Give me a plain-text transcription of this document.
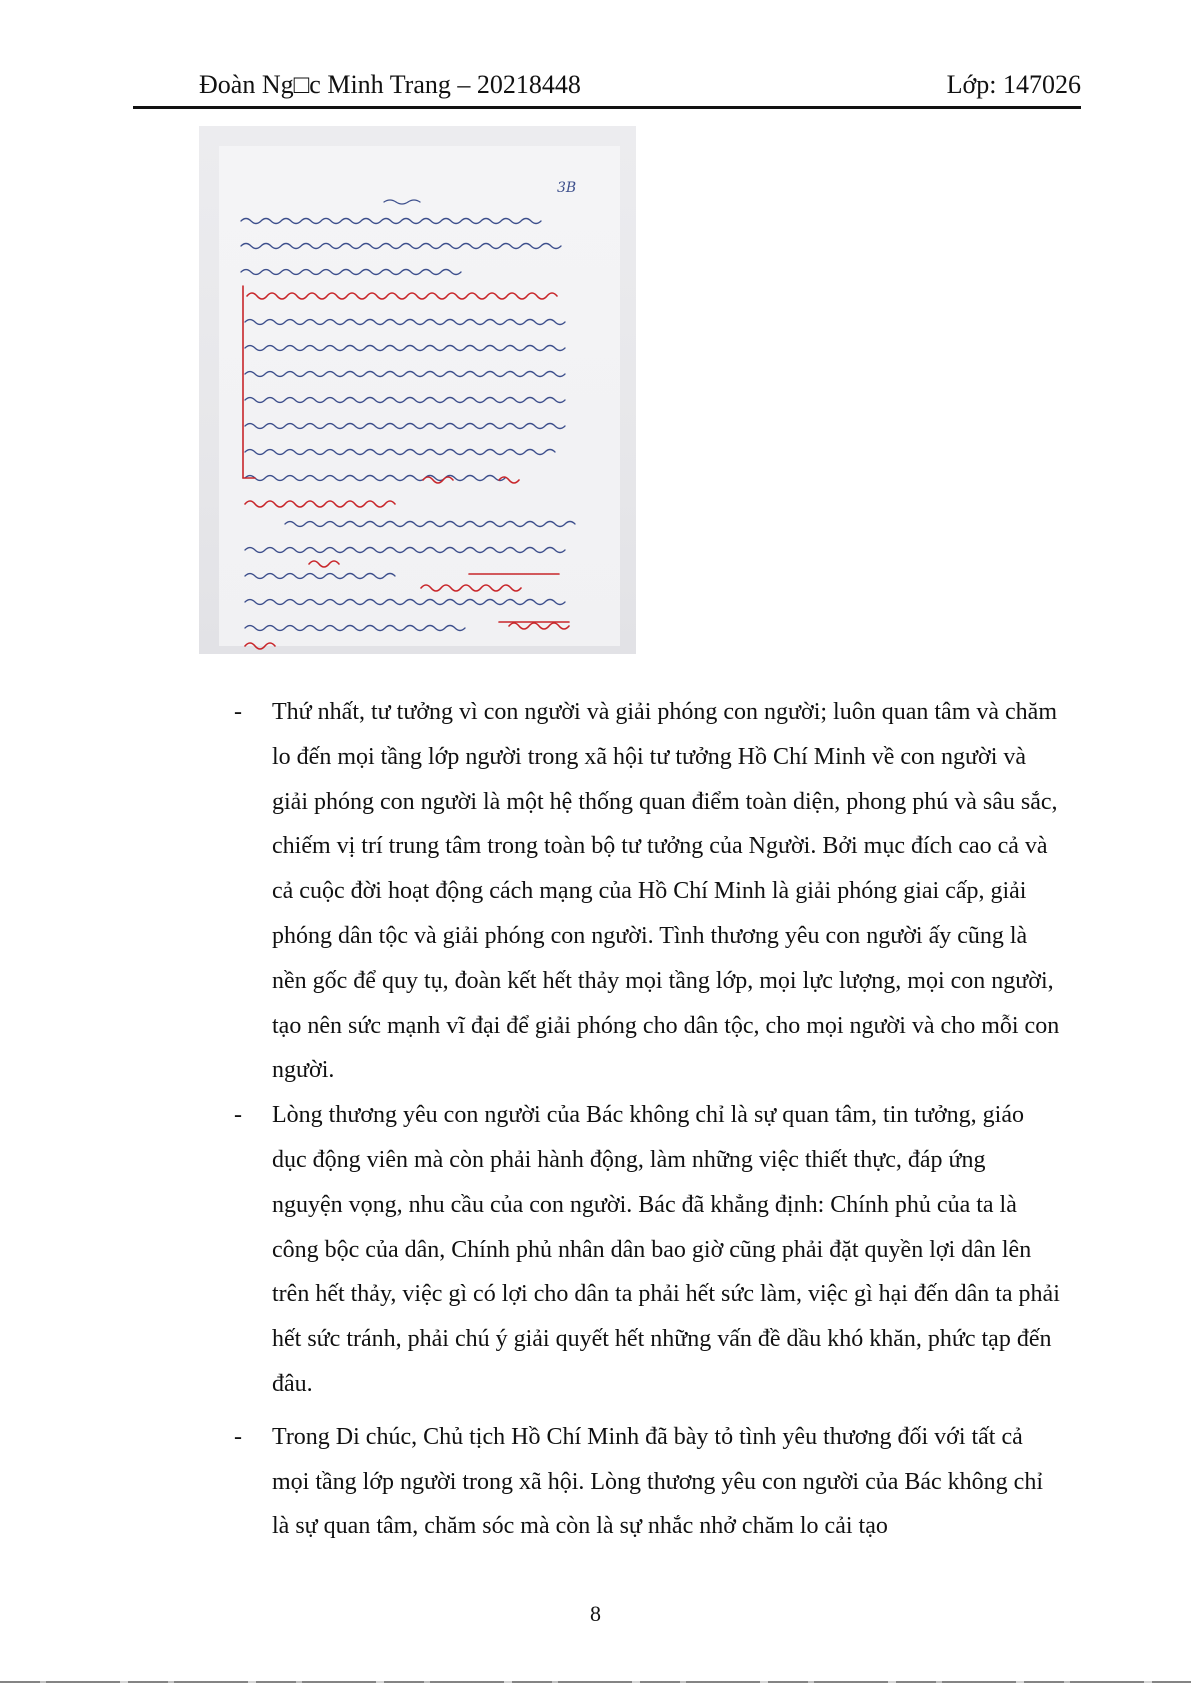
Đoàn Ng□c Minh Trang – 20218448	Lớp: 147026
3B
- Thứ nhất, tư tưởng vì con người và giải phóng con người; luôn quan tâm và chăm lo đến mọi tầng lớp người trong xã hội tư tưởng Hồ Chí Minh về con người và giải phóng con người là một hệ thống quan điểm toàn diện, phong phú và sâu sắc, chiếm vị trí trung tâm trong toàn bộ tư tưởng của Người. Bởi mục đích cao cả và cả cuộc đời hoạt động cách mạng của Hồ Chí Minh là giải phóng giai cấp, giải phóng dân tộc và giải phóng con người. Tình thương yêu con người ấy cũng là nền gốc để quy tụ, đoàn kết hết thảy mọi tầng lớp, mọi lực lượng, mọi con người, tạo nên sức mạnh vĩ đại để giải phóng cho dân tộc, cho mọi người và cho mỗi con người.
- Lòng thương yêu con người của Bác không chỉ là sự quan tâm, tin tưởng, giáo dục động viên mà còn phải hành động, làm những việc thiết thực, đáp ứng nguyện vọng, nhu cầu của con người. Bác đã khẳng định: Chính phủ của ta là công bộc của dân, Chính phủ nhân dân bao giờ cũng phải đặt quyền lợi dân lên trên hết thảy, việc gì có lợi cho dân ta phải hết sức làm, việc gì hại đến dân ta phải hết sức tránh, phải chú ý giải quyết hết những vấn đề dầu khó khăn, phức tạp đến đâu.
- Trong Di chúc, Chủ tịch Hồ Chí Minh đã bày tỏ tình yêu thương đối với tất cả mọi tầng lớp người trong xã hội. Lòng thương yêu con người của Bác không chỉ là sự quan tâm, chăm sóc mà còn là sự nhắc nhở chăm lo cải tạo
8
